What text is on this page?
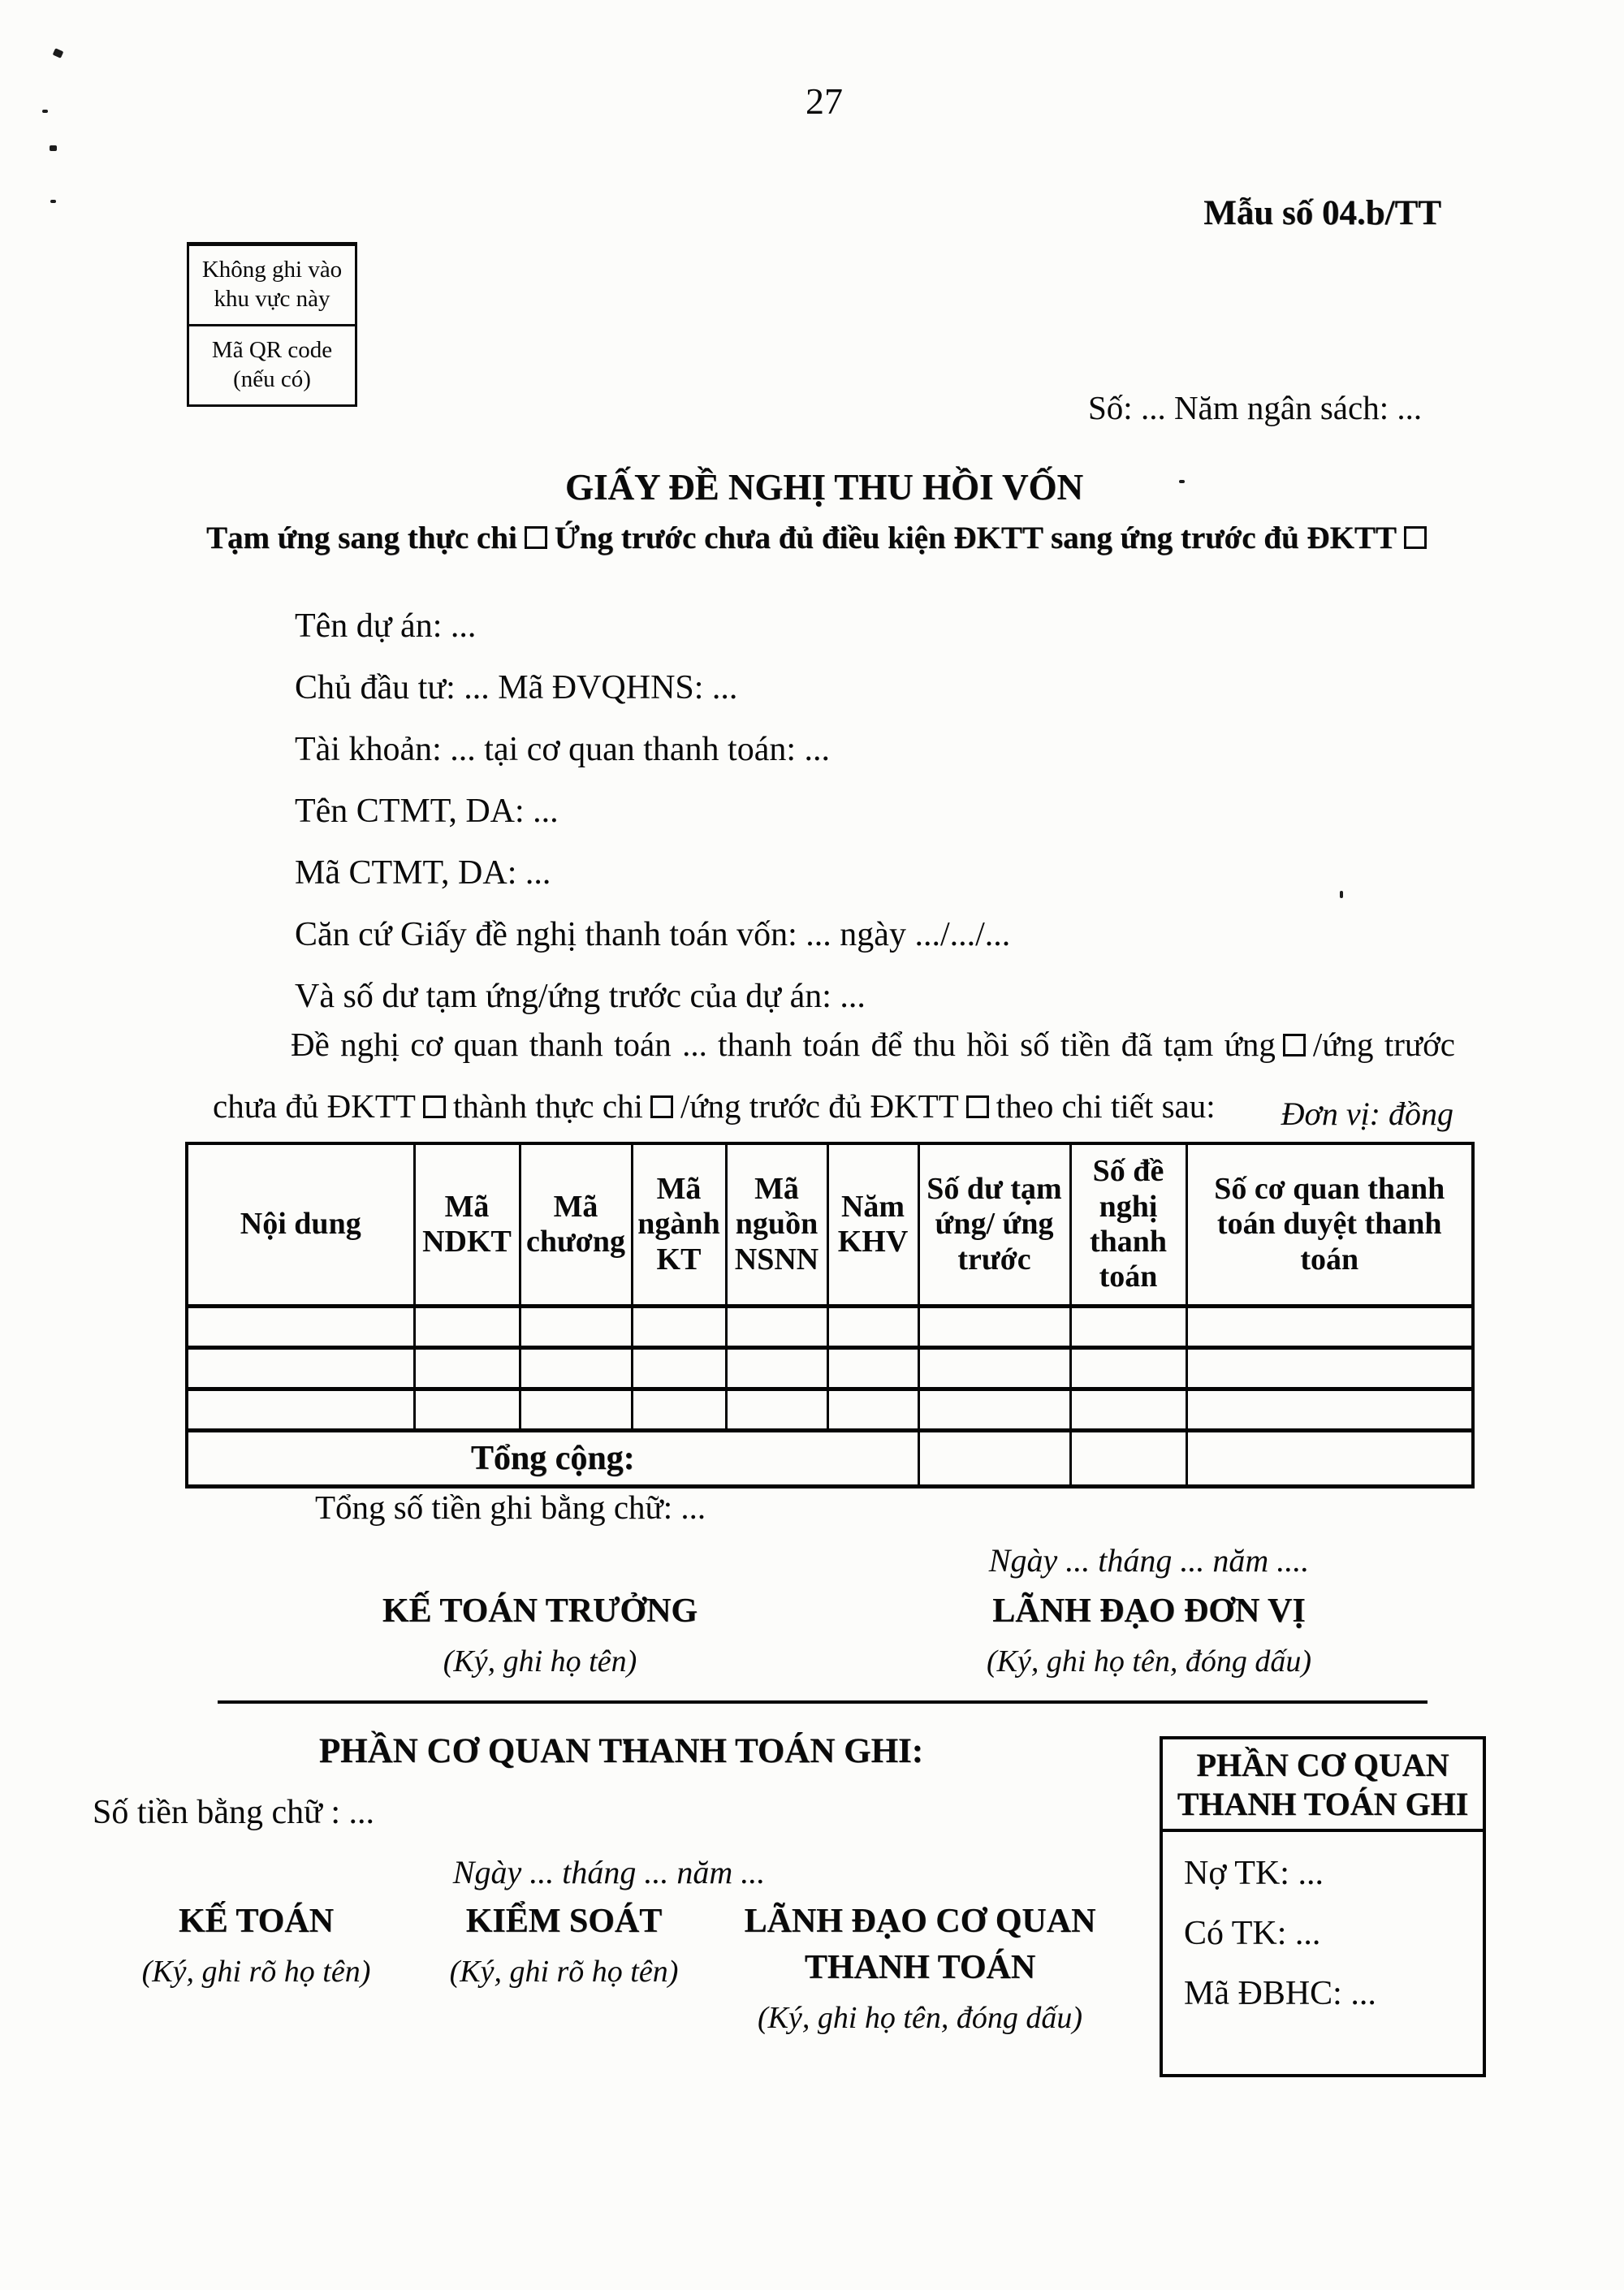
27
Mẫu số 04.b/TT
Không ghi vào khu vực này
Mã QR code (nếu có)
Số: ... Năm ngân sách: ...
GIẤY ĐỀ NGHỊ THU HỒI VỐN
Tạm ứng sang thực chi Ứng trước chưa đủ điều kiện ĐKTT sang ứng trước đủ ĐKTT

Tên dự án: ...

Chủ đầu tư: ... Mã ĐVQHNS: ...

Tài khoản: ... tại cơ quan thanh toán: ...

Tên CTMT, DA: ...

Mã CTMT, DA: ...

Căn cứ Giấy đề nghị thanh toán vốn: ... ngày .../.../...

Và số dư tạm ứng/ứng trước của dự án: ...

Đề nghị cơ quan thanh toán ... thanh toán để thu hồi số tiền đã tạm ứng /ứng trước chưa đủ ĐKTT thành thực chi /ứng trước đủ ĐKTT theo chi tiết sau:	Đơn vị: đồng
Nội dung	Mã NDKT	Mã chương	Mã ngành KT	Mã nguồn NSNN	Năm KHV	Số dư tạm ứng/ ứng trước	Số đề nghị thanh toán	Số cơ quan thanh toán duyệt thanh toán

Tổng cộng:								
Tổng số tiền ghi bằng chữ: ...
KẾ TOÁN TRƯỞNG
(Ký, ghi họ tên)
Ngày ... tháng ... năm ....
LÃNH ĐẠO ĐƠN VỊ
(Ký, ghi họ tên, đóng dấu)
PHẦN CƠ QUAN THANH TOÁN GHI:
Số tiền bằng chữ : ...
Ngày ... tháng ... năm ...
KẾ TOÁN
(Ký, ghi rõ họ tên)
KIỂM SOÁT
(Ký, ghi rõ họ tên)
LÃNH ĐẠO CƠ QUAN THANH TOÁN
(Ký, ghi họ tên, đóng dấu)
PHẦN CƠ QUAN THANH TOÁN GHI

Nợ TK: ...

Có TK: ...

Mã ĐBHC: ...
